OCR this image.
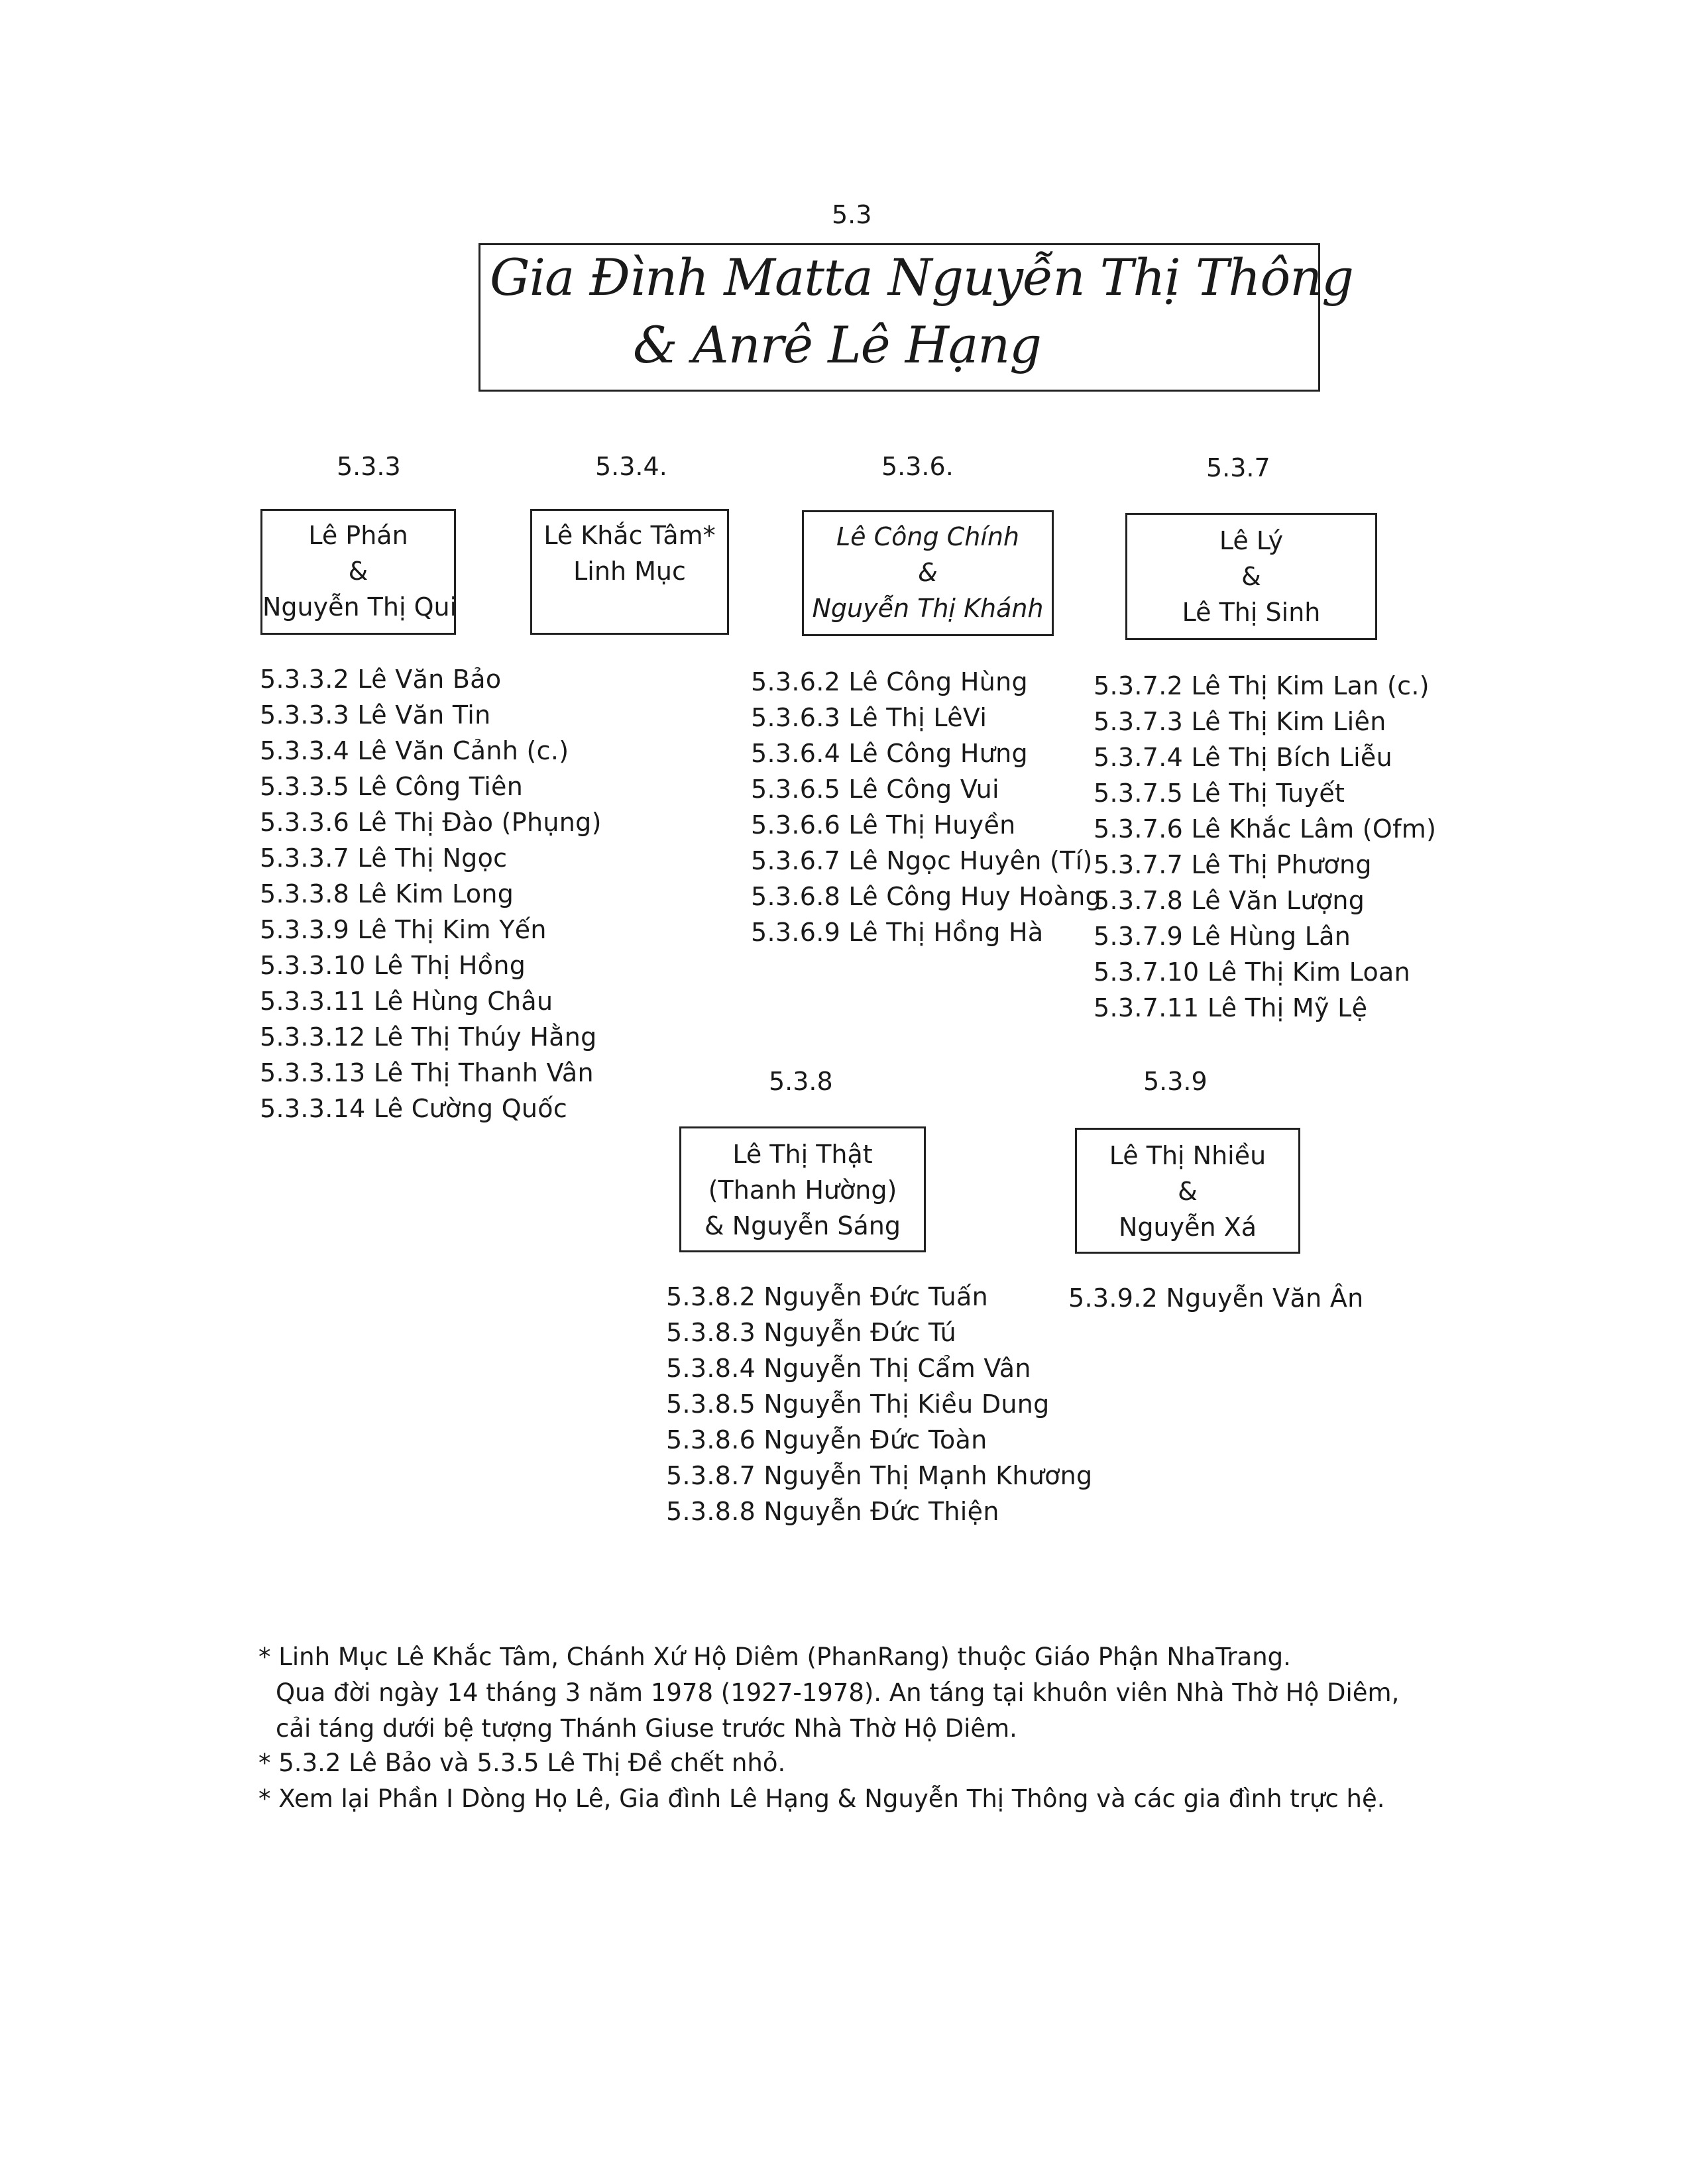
5.3
Gia Đình Matta Nguyễn Thị Thông
& Anrê Lê Hạng
5.3.3
Lê Phán
&
Nguyễn Thị Qui
5.3.3.2 Lê Văn Bảo
5.3.3.3 Lê Văn Tin
5.3.3.4 Lê Văn Cảnh (c.)
5.3.3.5 Lê Công Tiên
5.3.3.6 Lê Thị Đào (Phụng)
5.3.3.7 Lê Thị Ngọc
5.3.3.8 Lê Kim Long
5.3.3.9 Lê Thị Kim Yến
5.3.3.10 Lê Thị Hồng
5.3.3.11 Lê Hùng Châu
5.3.3.12 Lê Thị Thúy Hằng
5.3.3.13 Lê Thị Thanh Vân
5.3.3.14 Lê Cường Quốc
5.3.4.
Lê Khắc Tâm*
Linh Mục
5.3.6.
Lê Công Chính
&
Nguyễn Thị Khánh
5.3.6.2 Lê Công Hùng
5.3.6.3 Lê Thị LêVi
5.3.6.4 Lê Công Hưng
5.3.6.5 Lê Công Vui
5.3.6.6 Lê Thị Huyền
5.3.6.7 Lê Ngọc Huyên (Tí)
5.3.6.8 Lê Công Huy Hoàng
5.3.6.9 Lê Thị Hồng Hà
5.3.7
Lê Lý
&
Lê Thị Sinh
5.3.7.2 Lê Thị Kim Lan (c.)
5.3.7.3 Lê Thị Kim Liên
5.3.7.4 Lê Thị Bích Liễu
5.3.7.5 Lê Thị Tuyết
5.3.7.6 Lê Khắc Lâm (Ofm)
5.3.7.7 Lê Thị Phương
5.3.7.8 Lê Văn Lượng
5.3.7.9 Lê Hùng Lân
5.3.7.10 Lê Thị Kim Loan
5.3.7.11 Lê Thị Mỹ Lệ
5.3.8
Lê Thị Thật
(Thanh Hường)
& Nguyễn Sáng
5.3.8.2 Nguyễn Đức Tuấn
5.3.8.3 Nguyễn Đức Tú
5.3.8.4 Nguyễn Thị Cẩm Vân
5.3.8.5 Nguyễn Thị Kiều Dung
5.3.8.6 Nguyễn Đức Toàn
5.3.8.7 Nguyễn Thị Mạnh Khương
5.3.8.8 Nguyễn Đức Thiện
5.3.9
Lê Thị Nhiều
&
Nguyễn Xá
5.3.9.2 Nguyễn Văn Ân
* Linh Mục Lê Khắc Tâm, Chánh Xứ Hộ Diêm (PhanRang) thuộc Giáo Phận NhaTrang.
Qua đời ngày 14 tháng 3 năm 1978 (1927-1978). An táng tại khuôn viên Nhà Thờ Hộ Diêm,
cải táng dưới bệ tượng Thánh Giuse trước Nhà Thờ Hộ Diêm.
* 5.3.2 Lê Bảo và 5.3.5 Lê Thị Đề chết nhỏ.
* Xem lại Phần I Dòng Họ Lê, Gia đình Lê Hạng & Nguyễn Thị Thông và các gia đình trực hệ.
